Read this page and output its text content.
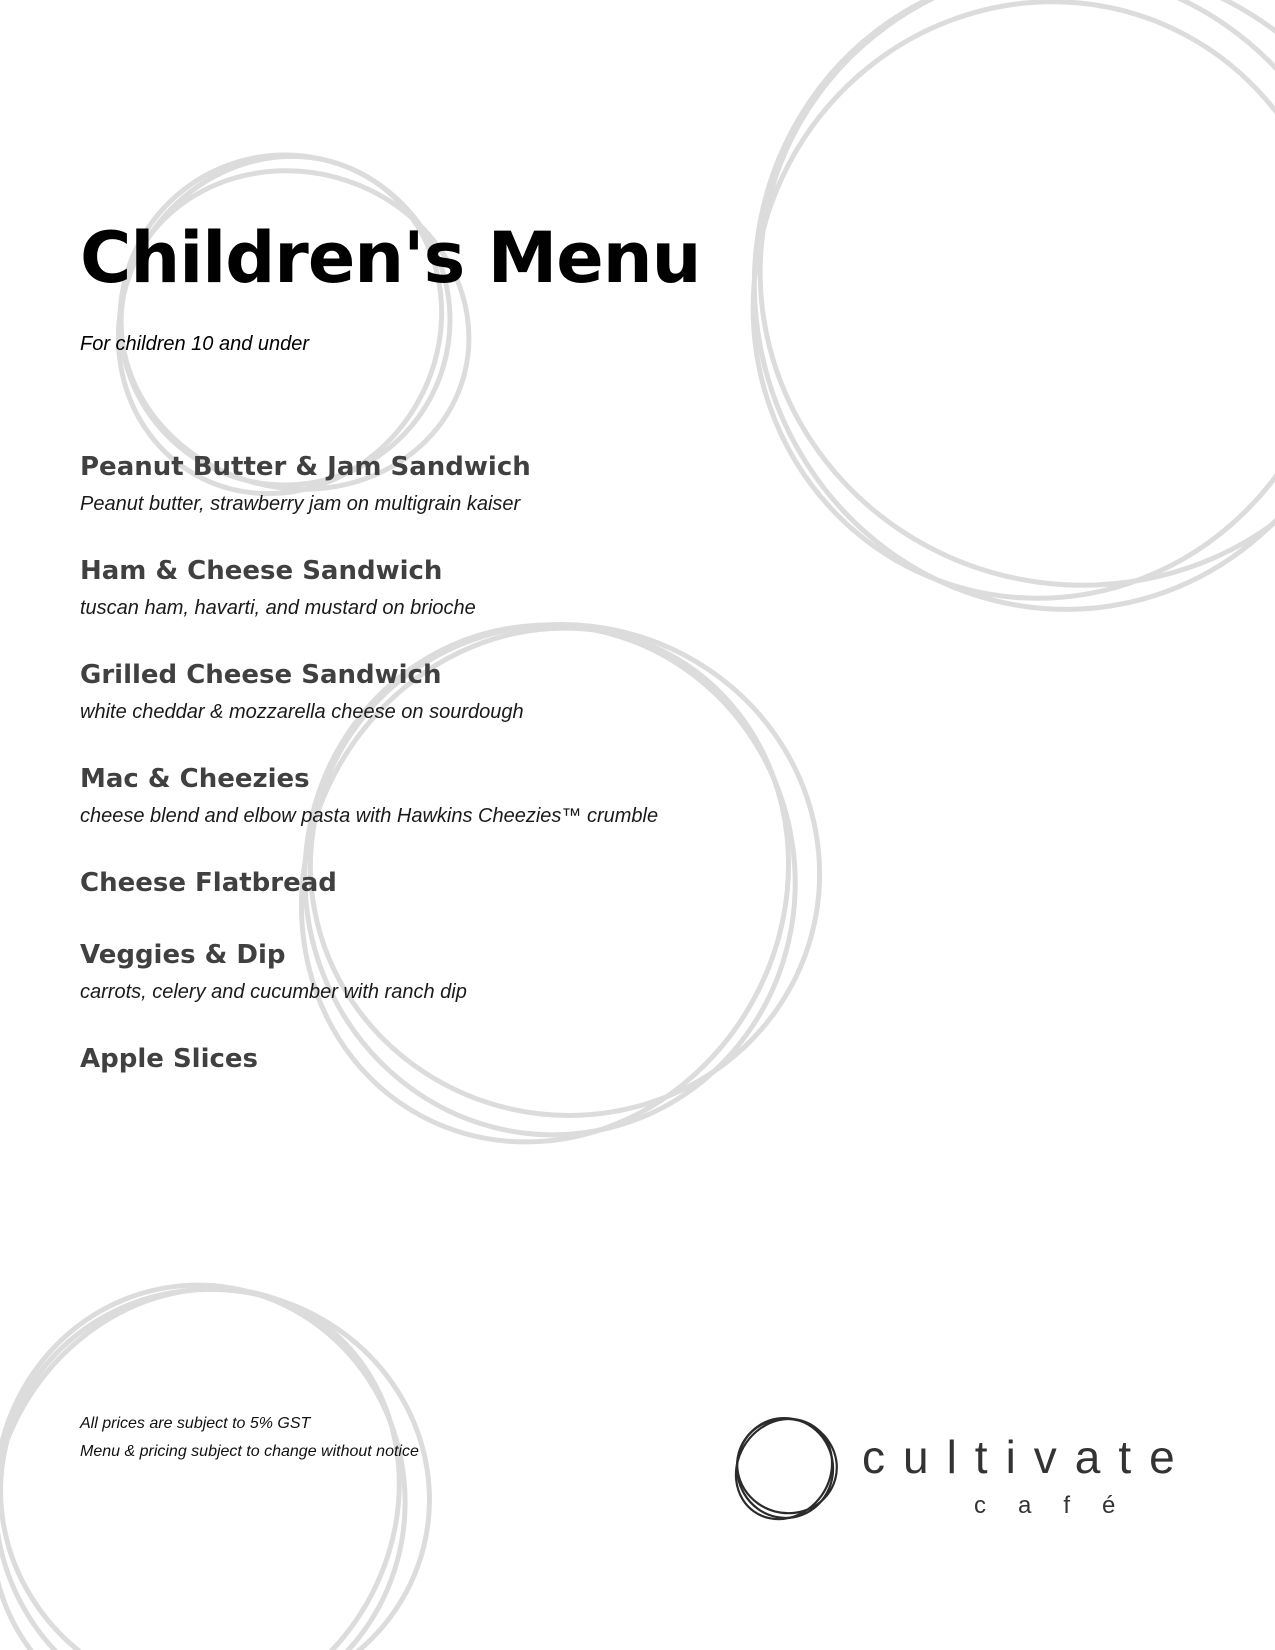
Children's Menu
For children 10 and under
Peanut Butter & Jam Sandwich
Peanut butter, strawberry jam on multigrain kaiser
Ham & Cheese Sandwich
tuscan ham, havarti, and mustard on brioche
Grilled Cheese Sandwich
white cheddar & mozzarella cheese on sourdough
Mac & Cheezies
cheese blend and elbow pasta with Hawkins Cheezies™ crumble
Cheese Flatbread
Veggies & Dip
carrots, celery and cucumber with ranch dip
Apple Slices
All prices are subject to 5% GST
Menu & pricing subject to change without notice	cultivate
café
